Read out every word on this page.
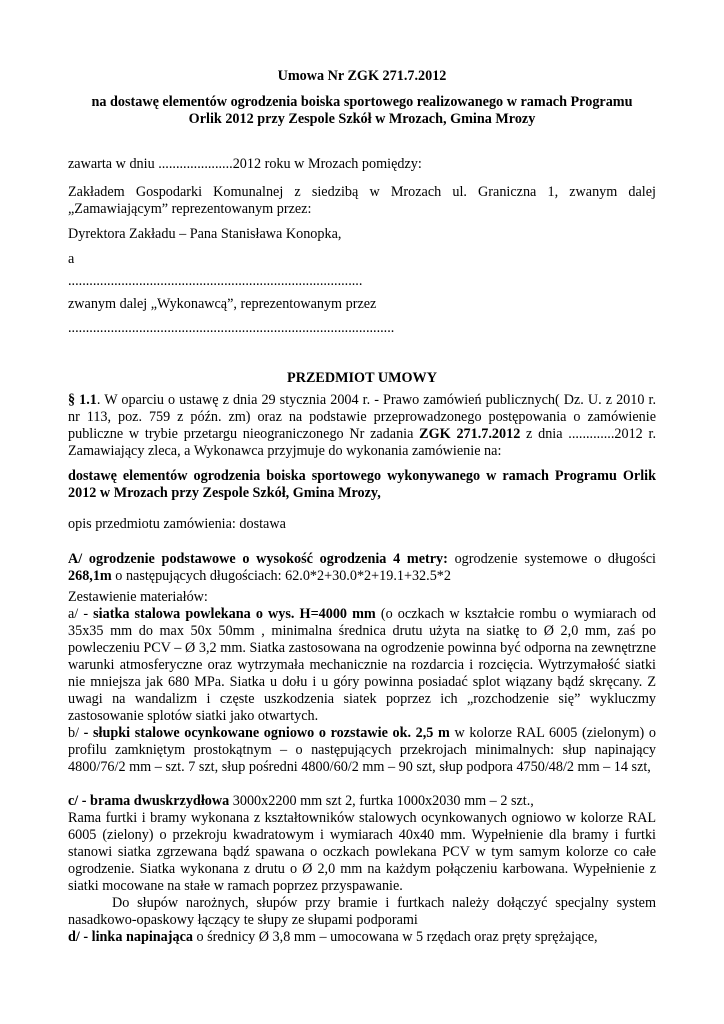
Umowa Nr ZGK 271.7.2012

na dostawę elementów ogrodzenia boiska sportowego realizowanego w ramach Programu

Orlik 2012 przy Zespole Szkół w Mrozach, Gmina Mrozy

zawarta w dniu .....................2012 roku w Mrozach pomiędzy:

Zakładem Gospodarki Komunalnej z siedzibą w Mrozach ul. Graniczna 1, zwanym dalej „Zamawiającym” reprezentowanym przez:

Dyrektora Zakładu – Pana Stanisława Konopka,

a

...................................................................................

zwanym dalej „Wykonawcą”, reprezentowanym przez

............................................................................................

PRZEDMIOT UMOWY

§ 1.1. W oparciu o ustawę z dnia 29 stycznia 2004 r. - Prawo zamówień publicznych( Dz. U. z 2010 r. nr 113, poz. 759 z późn. zm) oraz na podstawie przeprowadzonego postępowania o zamówienie publiczne w trybie przetargu nieograniczonego Nr zadania ZGK 271.7.2012 z dnia .............2012 r. Zamawiający zleca, a Wykonawca przyjmuje do wykonania zamówienie na:

dostawę elementów ogrodzenia boiska sportowego wykonywanego w ramach Programu Orlik 2012 w Mrozach przy Zespole Szkół, Gmina Mrozy,

opis przedmiotu zamówienia: dostawa

A/ ogrodzenie podstawowe o wysokość ogrodzenia 4 metry: ogrodzenie systemowe o długości 268,1m o następujących długościach: 62.0*2+30.0*2+19.1+32.5*2

Zestawienie materiałów:

a/ - siatka stalowa powlekana o wys. H=4000 mm (o oczkach w kształcie rombu o wymiarach od 35x35 mm do max 50x 50mm , minimalna średnica drutu użyta na siatkę to Ø 2,0 mm, zaś po powleczeniu PCV – Ø 3,2 mm. Siatka zastosowana na ogrodzenie powinna być odporna na zewnętrzne warunki atmosferyczne oraz wytrzymała mechanicznie na rozdarcia i rozcięcia. Wytrzymałość siatki nie mniejsza jak 680 MPa. Siatka u dołu i u góry powinna posiadać splot wiązany bądź skręcany. Z uwagi na wandalizm i częste uszkodzenia siatek poprzez ich „rozchodzenie się” wykluczmy zastosowanie splotów siatki jako otwartych.

b/ - słupki stalowe ocynkowane ogniowo o rozstawie ok. 2,5 m w kolorze RAL 6005 (zielonym) o profilu zamkniętym prostokątnym – o następujących przekrojach minimalnych: słup napinający 4800/76/2 mm – szt. 7 szt, słup pośredni 4800/60/2 mm – 90 szt, słup podpora 4750/48/2 mm – 14 szt,

c/ - brama dwuskrzydłowa 3000x2200 mm szt 2, furtka 1000x2030 mm – 2 szt.,

Rama furtki i bramy wykonana z kształtowników stalowych ocynkowanych ogniowo w kolorze RAL 6005 (zielony) o przekroju kwadratowym i wymiarach 40x40 mm. Wypełnienie dla bramy i furtki stanowi siatka zgrzewana bądź spawana o oczkach powlekana PCV w tym samym kolorze co całe ogrodzenie. Siatka wykonana z drutu o Ø 2,0 mm na każdym połączeniu karbowana. Wypełnienie z siatki mocowane na stałe w ramach poprzez przyspawanie.

Do słupów narożnych, słupów przy bramie i furtkach należy dołączyć specjalny system nasadkowo-opaskowy łączący te słupy ze słupami podporami

d/ - linka napinająca o średnicy Ø 3,8 mm – umocowana w 5 rzędach oraz pręty sprężające,
